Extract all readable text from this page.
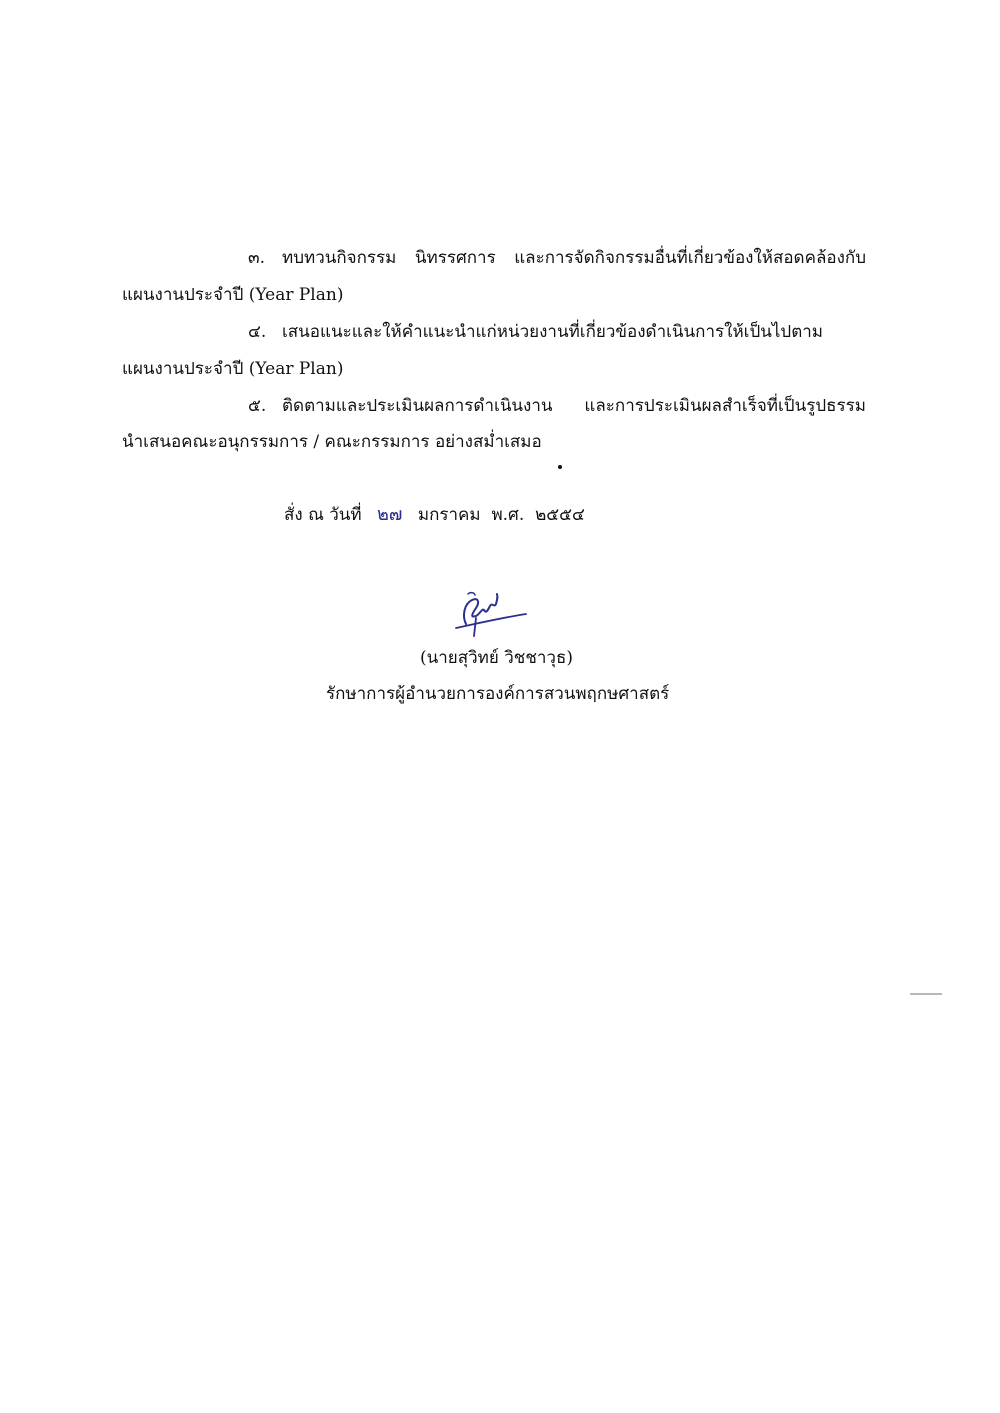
๓. ทบทวนกิจกรรม นิทรรศการ และการจัดกิจกรรมอื่นที่เกี่ยวข้องให้สอดคล้องกับ
แผนงานประจำปี (Year Plan)
๔. เสนอแนะและให้คำแนะนำแก่หน่วยงานที่เกี่ยวข้องดำเนินการให้เป็นไปตาม
แผนงานประจำปี (Year Plan)
๕. ติดตามและประเมินผลการดำเนินงาน และการประเมินผลสำเร็จที่เป็นรูปธรรม
นำเสนอคณะอนุกรรมการ / คณะกรรมการ อย่างสม่ำเสมอ
สั่ง ณ วันที่ ๒๗ มกราคม พ.ศ. ๒๕๕๔
(นายสุวิทย์ วิชชาวุธ)
รักษาการผู้อำนวยการองค์การสวนพฤกษศาสตร์
